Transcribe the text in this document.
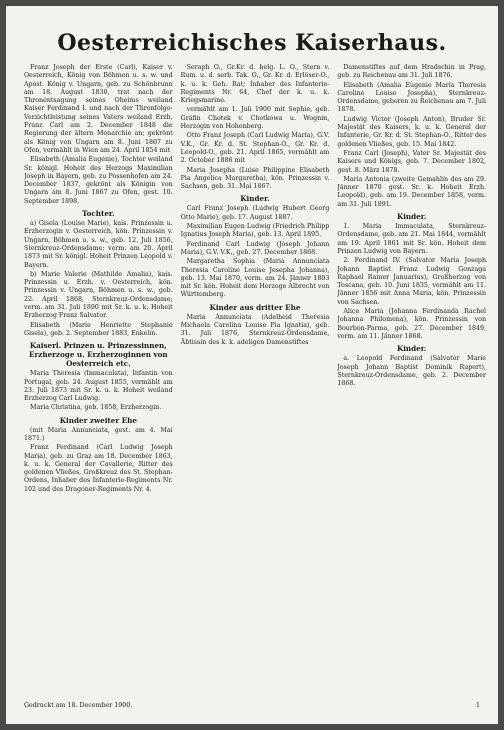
Oesterreichisches Kaiserhaus.

Franz Joseph der Erste (Carl), Kaiser v. Oesterreich, König von Böhmen u. s. w. und Apost. König v. Ungarn, geb. zu Schönbrunn am 18. August 1830, trat nach der Thronentsagung seines Oheims weiland Kaiser Ferdinand I. und nach der Thronfolge-Verzichtleistung seines Vaters weiland Erzh. Franz Carl am 2. December 1848 die Regierung der ältern Monarchie an; gekrönt als König von Ungarn am 8. Juni 1867 zu Ofen, vermählt in Wien am 24. April 1854 mit

Elisabeth (Amalia Eugenie), Tochter weiland Sr. königl. Hoheit des Herzogs Maximilian Joseph in Bayern, geb. zu Possenhofen am 24. December 1837, gekrönt als Königin von Ungarn am 8. Juni 1867 zu Ofen, gest. 10. September 1898.

Tochter.

a) Gisela (Louise Marie), kais. Prinzessin u. Erzherzogin v. Oesterreich, kön. Prinzessin v. Ungarn, Böhmen u. s. w., geb. 12. Juli 1856, Sternkreuz-Ordensdame; verm. am 20. April 1873 mit Sr. königl. Hoheit Prinzen Leopold v. Bayern.

b) Marie Valerie (Mathilde Amalia), kais. Prinzessin u. Erzh. v. Oesterreich, kön. Prinzessin v. Ungarn, Böhmen u. s. w., geb. 22. April 1868, Sternkreuz-Ordensdame; verm. am 31. Juli 1890 mit Sr. k. u. k. Hoheit Erzherzog Franz Salvator.

Elisabeth (Marie Henriette Stephanie Gisela), geb. 2. September 1883, Enkelin.

Kaiserl. Prinzen u. Prinzessinnen, Erzherzoge u. Erzherzoginnen von Oesterreich etc.

Maria Theresia (Immaculata), Infantin von Portugal, geb. 24. August 1855, vermählt am 23. Juli 1873 mit Sr. k. u. k. Hoheit weiland Erzherzog Carl Ludwig.

Maria Christina, geb. 1858, Erzherzogin.

Kinder zweiter Ehe

(mit Maria Annunciata, gest. am 4. Mai 1871.)

Franz Ferdinand (Carl Ludwig Joseph Maria), geb. zu Graz am 18. December 1863, k. u. k. General der Cavallerie, Ritter des goldenen Vließes, Großkreuz des St. Stephan-Ordens, Inhaber des Infanterie-Regiments Nr. 102 und des Dragoner-Regiments Nr. 4.

Seraph O., Gr.Kr. d. belg. L. O., Stern v. Rum. u. d. serb. Tak. O., Gr. Kr. d. Erlöser-O., k. u. k. Geh. Rat; Inhaber des Infanterie-Regiments Nr. 64, Chef der k. u. k. Kriegsmarine.

vermählt am 1. Juli 1900 mit Sophie, geb. Gräfin Chotek v. Chotkowa u. Wognin, Herzogin von Hohenberg.

Otto Franz Joseph (Carl Ludwig Maria), G.V. V.K., Gr. Kr. d. St. Stephan-O., Gr. Kr. d. Leopold-O., geb. 21. April 1865, vermählt am 2. October 1886 mit

Maria Josepha (Luise Philippine Elisabeth Pia Angelica Margaretha), kön. Prinzessin v. Sachsen, geb. 31. Mai 1867.

Kinder.

Carl Franz Joseph (Ludwig Hubert Georg Otto Marie), geb. 17. August 1887.

Maximilian Eugen Ludwig (Friedrich Philipp Ignatius Joseph Maria), geb. 13. April 1895.

Ferdinand Carl Ludwig (Joseph Johann Maria), G.V. V.K., geb. 27. December 1868.

Margaretha Sophia (Maria Annunciata Theresia Caroline Louise Josepha Johanna), geb. 13. Mai 1870, verm. am 24. Jänner 1893 mit Sr. kön. Hoheit dem Herzoge Albrecht von Württemberg.

Kinder aus dritter Ehe

Maria Annunciata (Adelheid Theresia Michaela Carolina Louise Pia Ignatia), geb. 31. Juli 1876, Sternkreuz-Ordensdame, Äbtissin des k. k. adeligen Damenstiftes

Damenstiftes auf dem Hradschin in Prag, geb. zu Reichenau am 31. Juli 1876.

Elisabeth (Amalia Eugenie Maria Theresia Caroline Louise Josepha), Sternkreuz-Ordensdame, geboren zu Reichenau am 7. Juli 1878.

Ludwig Victor (Joseph Anton), Bruder Sr. Majestät des Kaisers, k. u. k. General der Infanterie, Gr. Kr. d. St. Stephan-O., Ritter des goldenen Vließes, geb. 15. Mai 1842.

Franz Carl (Joseph), Vater Sr. Majestät des Kaisers und Königs, geb. 7. December 1802, gest. 8. März 1878.

Maria Antonia (zweite Gemahlin des am 29. Jänner 1870 gest. Sr. k. Hoheit Erzh. Leopold), geb. am 19. December 1858, verm. am 31. Juli 1891.

Kinder.

1. Maria Immaculata, Sternkreuz-Ordensdame, geb. am 21. Mai 1844, vermählt am 19. April 1861 mit Sr. kön. Hoheit dem Prinzen Ludwig von Bayern.

2. Ferdinand IV. (Salvator Maria Joseph Johann Baptist Franz Ludwig Gonzaga Raphael Rainer Januarius), Großherzog von Toscana, geb. 10. Juni 1835, vermählt am 11. Jänner 1856 mit Anna Maria, kön. Prinzessin von Sachsen.

Alice Maria (Johanna Ferdinanda Rachel Johanna Philomena), kön. Prinzessin von Bourbon-Parma, geb. 27. December 1849, verm. am 11. Jänner 1868.

Kinder.

a. Leopold Ferdinand (Salvator Marie Joseph Johann Baptist Dominik Rupert), Sternkreuz-Ordensdame, geb. 2. December 1868.

Gedruckt am 18. December 1900.	1
